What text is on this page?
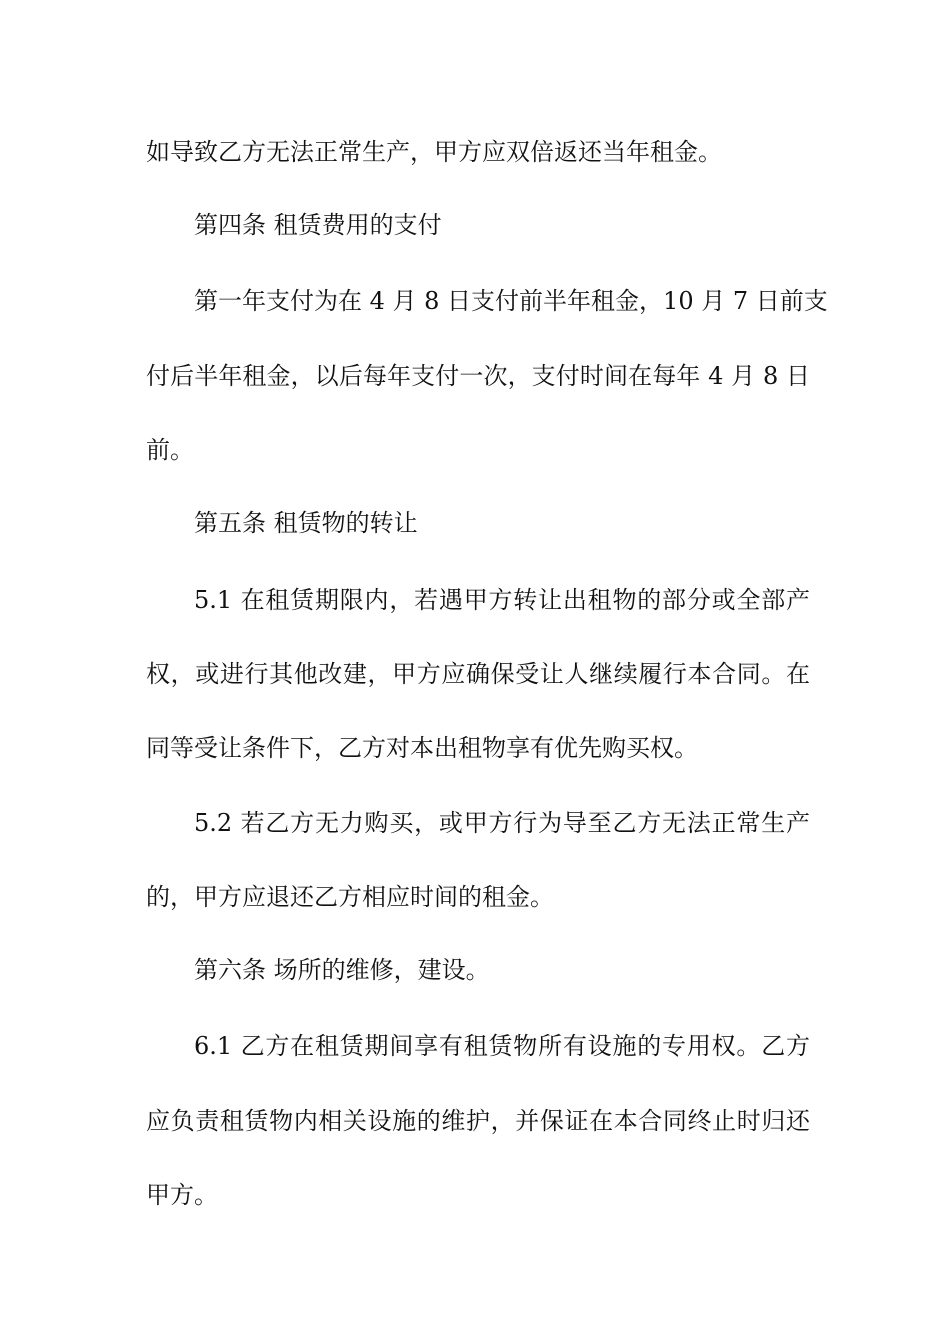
如导致乙方无法正常生产，甲方应双倍返还当年租金。
第四条 租赁费用的支付
第一年支付为在 4 月 8 日支付前半年租金，10 月 7 日前支
付后半年租金，以后每年支付一次，支付时间在每年 4 月 8 日
前。
第五条 租赁物的转让
5.1 在租赁期限内，若遇甲方转让出租物的部分或全部产
权，或进行其他改建，甲方应确保受让人继续履行本合同。在
同等受让条件下，乙方对本出租物享有优先购买权。
5.2 若乙方无力购买，或甲方行为导至乙方无法正常生产
的，甲方应退还乙方相应时间的租金。
第六条 场所的维修，建设。
6.1 乙方在租赁期间享有租赁物所有设施的专用权。乙方
应负责租赁物内相关设施的维护，并保证在本合同终止时归还
甲方。
